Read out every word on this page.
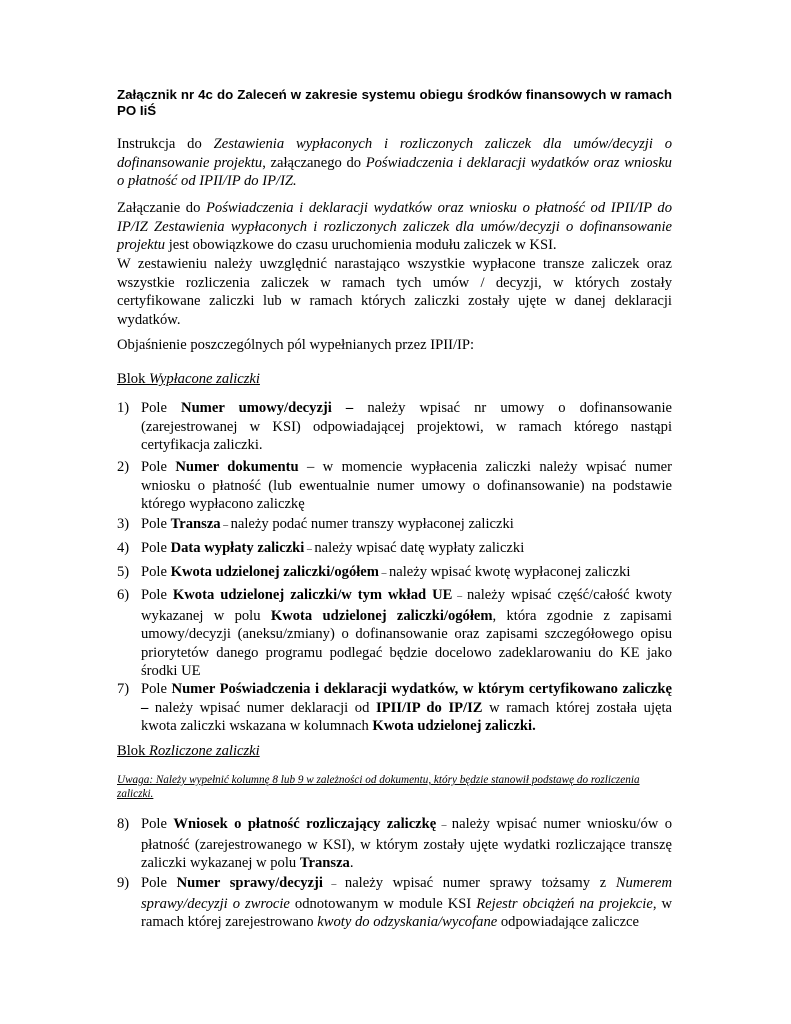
Załącznik nr 4c do Zaleceń w zakresie systemu obiegu środków finansowych w ramach PO IiŚ
Instrukcja do Zestawienia wypłaconych i rozliczonych zaliczek dla umów/decyzji o dofinansowanie projektu, załączanego do Poświadczenia i deklaracji wydatków oraz wniosku o płatność od IPII/IP do IP/IZ.
Załączanie do Poświadczenia i deklaracji wydatków oraz wniosku o płatność od IPII/IP do IP/IZ Zestawienia wypłaconych i rozliczonych zaliczek dla umów/decyzji o dofinansowanie projektu jest obowiązkowe do czasu uruchomienia modułu zaliczek w KSI.
W zestawieniu należy uwzględnić narastająco wszystkie wypłacone transze zaliczek oraz wszystkie rozliczenia zaliczek w ramach tych umów / decyzji, w których zostały certyfikowane zaliczki lub w ramach których zaliczki zostały ujęte w danej deklaracji wydatków.
Objaśnienie poszczególnych pól wypełnianych przez IPII/IP:
Blok Wypłacone zaliczki
1) Pole Numer umowy/decyzji – należy wpisać nr umowy o dofinansowanie (zarejestrowanej w KSI) odpowiadającej projektowi, w ramach którego nastąpi certyfikacja zaliczki.
2) Pole Numer dokumentu – w momencie wypłacenia zaliczki należy wpisać numer wniosku o płatność (lub ewentualnie numer umowy o dofinansowanie) na podstawie którego wypłacono zaliczkę
3) Pole Transza – należy podać numer transzy wypłaconej zaliczki
4) Pole Data wypłaty zaliczki – należy wpisać datę wypłaty zaliczki
5) Pole Kwota udzielonej zaliczki/ogółem – należy wpisać kwotę wypłaconej zaliczki
6) Pole Kwota udzielonej zaliczki/w tym wkład UE – należy wpisać część/całość kwoty wykazanej w polu Kwota udzielonej zaliczki/ogółem, która zgodnie z zapisami umowy/decyzji (aneksu/zmiany) o dofinansowanie oraz zapisami szczegółowego opisu priorytetów danego programu podlegać będzie docelowo zadeklarowaniu do KE jako środki UE
7) Pole Numer Poświadczenia i deklaracji wydatków, w którym certyfikowano zaliczkę – należy wpisać numer deklaracji od IPII/IP do IP/IZ w ramach której została ujęta kwota zaliczki wskazana w kolumnach Kwota udzielonej zaliczki.
Blok Rozliczone zaliczki
Uwaga: Należy wypełnić kolumnę 8 lub 9 w zależności od dokumentu, który będzie stanowił podstawę do rozliczenia zaliczki.
8) Pole Wniosek o płatność rozliczający zaliczkę – należy wpisać numer wniosku/ów o płatność (zarejestrowanego w KSI), w którym zostały ujęte wydatki rozliczające transzę zaliczki wykazanej w polu Transza.
9) Pole Numer sprawy/decyzji – należy wpisać numer sprawy tożsamy z Numerem sprawy/decyzji o zwrocie odnotowanym w module KSI Rejestr obciążeń na projekcie, w ramach której zarejestrowano kwoty do odzyskania/wycofane odpowiadające zaliczce
